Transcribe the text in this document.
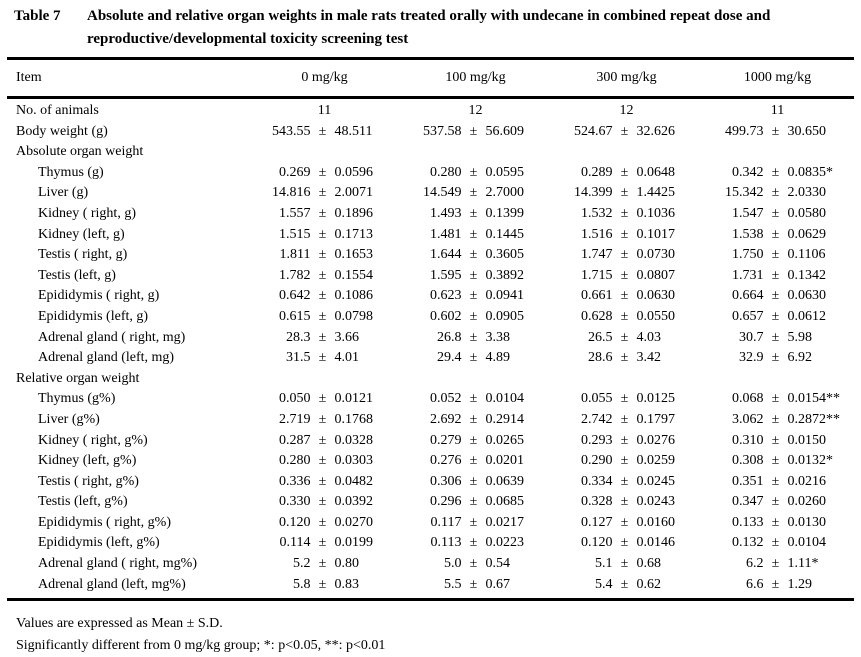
Table 7	Absolute and relative organ weights in male rats treated orally with undecane in combined repeat dose and reproductive/developmental toxicity screening test
Item	0 mg/kg	100 mg/kg	300 mg/kg	1000 mg/kg
No. of animals	11	12	12	11
Body weight (g)	543.55 ± 48.511	537.58 ± 56.609	524.67 ± 32.626	499.73 ± 30.650
Absolute organ weight
Thymus (g)	0.269 ± 0.0596	0.280 ± 0.0595	0.289 ± 0.0648	0.342 ± 0.0835*
Liver (g)	14.816 ± 2.0071	14.549 ± 2.7000	14.399 ± 1.4425	15.342 ± 2.0330
Kidney ( right, g)	1.557 ± 0.1896	1.493 ± 0.1399	1.532 ± 0.1036	1.547 ± 0.0580
Kidney (left, g)	1.515 ± 0.1713	1.481 ± 0.1445	1.516 ± 0.1017	1.538 ± 0.0629
Testis ( right, g)	1.811 ± 0.1653	1.644 ± 0.3605	1.747 ± 0.0730	1.750 ± 0.1106
Testis (left, g)	1.782 ± 0.1554	1.595 ± 0.3892	1.715 ± 0.0807	1.731 ± 0.1342
Epididymis ( right, g)	0.642 ± 0.1086	0.623 ± 0.0941	0.661 ± 0.0630	0.664 ± 0.0630
Epididymis (left, g)	0.615 ± 0.0798	0.602 ± 0.0905	0.628 ± 0.0550	0.657 ± 0.0612
Adrenal gland ( right, mg)	28.3 ± 3.66	26.8 ± 3.38	26.5 ± 4.03	30.7 ± 5.98
Adrenal gland (left, mg)	31.5 ± 4.01	29.4 ± 4.89	28.6 ± 3.42	32.9 ± 6.92
Relative organ weight
Thymus (g%)	0.050 ± 0.0121	0.052 ± 0.0104	0.055 ± 0.0125	0.068 ± 0.0154**
Liver (g%)	2.719 ± 0.1768	2.692 ± 0.2914	2.742 ± 0.1797	3.062 ± 0.2872**
Kidney ( right, g%)	0.287 ± 0.0328	0.279 ± 0.0265	0.293 ± 0.0276	0.310 ± 0.0150
Kidney (left, g%)	0.280 ± 0.0303	0.276 ± 0.0201	0.290 ± 0.0259	0.308 ± 0.0132*
Testis ( right, g%)	0.336 ± 0.0482	0.306 ± 0.0639	0.334 ± 0.0245	0.351 ± 0.0216
Testis (left, g%)	0.330 ± 0.0392	0.296 ± 0.0685	0.328 ± 0.0243	0.347 ± 0.0260
Epididymis ( right, g%)	0.120 ± 0.0270	0.117 ± 0.0217	0.127 ± 0.0160	0.133 ± 0.0130
Epididymis (left, g%)	0.114 ± 0.0199	0.113 ± 0.0223	0.120 ± 0.0146	0.132 ± 0.0104
Adrenal gland ( right, mg%)	5.2 ± 0.80	5.0 ± 0.54	5.1 ± 0.68	6.2 ± 1.11*
Adrenal gland (left, mg%)	5.8 ± 0.83	5.5 ± 0.67	5.4 ± 0.62	6.6 ± 1.29
Values are expressed as Mean ± S.D.
Significantly different from 0 mg/kg group; *: p<0.05, **: p<0.01
